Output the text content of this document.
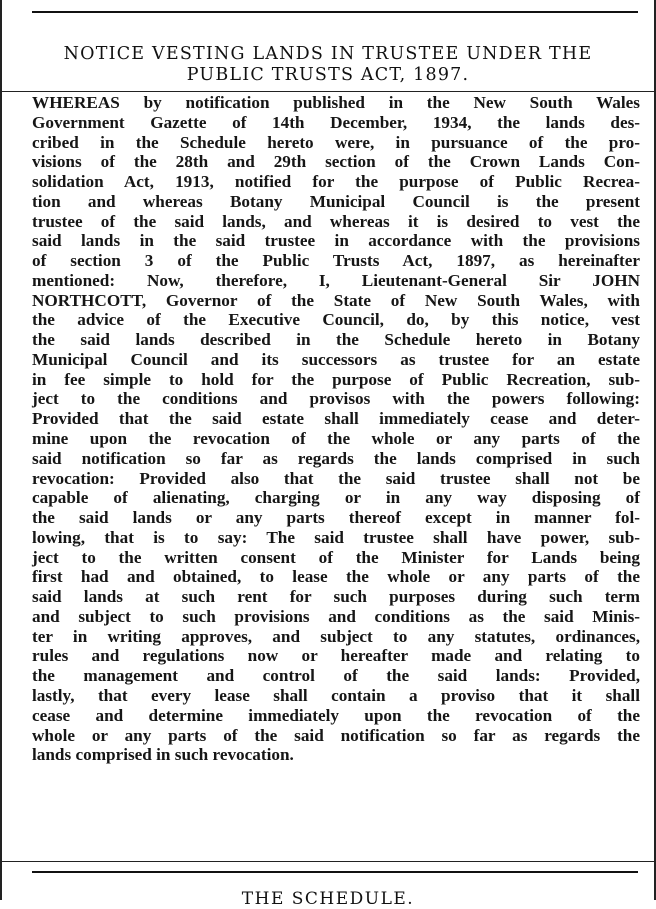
NOTICE VESTING LANDS IN TRUSTEE UNDER THE
PUBLIC TRUSTS ACT, 1897.
WHEREAS by notification published in the New South Wales
Government Gazette of 14th December, 1934, the lands des-
cribed in the Schedule hereto were, in pursuance of the pro-
visions of the 28th and 29th section of the Crown Lands Con-
solidation Act, 1913, notified for the purpose of Public Recrea-
tion and whereas Botany Municipal Council is the present
trustee of the said lands, and whereas it is desired to vest the
said lands in the said trustee in accordance with the provisions
of section 3 of the Public Trusts Act, 1897, as hereinafter
mentioned: Now, therefore, I, Lieutenant-General Sir JOHN
NORTHCOTT, Governor of the State of New South Wales, with
the advice of the Executive Council, do, by this notice, vest
the said lands described in the Schedule hereto in Botany
Municipal Council and its successors as trustee for an estate
in fee simple to hold for the purpose of Public Recreation, sub-
ject to the conditions and provisos with the powers following:
Provided that the said estate shall immediately cease and deter-
mine upon the revocation of the whole or any parts of the
said notification so far as regards the lands comprised in such
revocation: Provided also that the said trustee shall not be
capable of alienating, charging or in any way disposing of
the said lands or any parts thereof except in manner fol-
lowing, that is to say: The said trustee shall have power, sub-
ject to the written consent of the Minister for Lands being
first had and obtained, to lease the whole or any parts of the
said lands at such rent for such purposes during such term
and subject to such provisions and conditions as the said Minis-
ter in writing approves, and subject to any statutes, ordinances,
rules and regulations now or hereafter made and relating to
the management and control of the said lands: Provided,
lastly, that every lease shall contain a proviso that it shall
cease and determine immediately upon the revocation of the
whole or any parts of the said notification so far as regards the
lands comprised in such revocation.
THE SCHEDULE.
